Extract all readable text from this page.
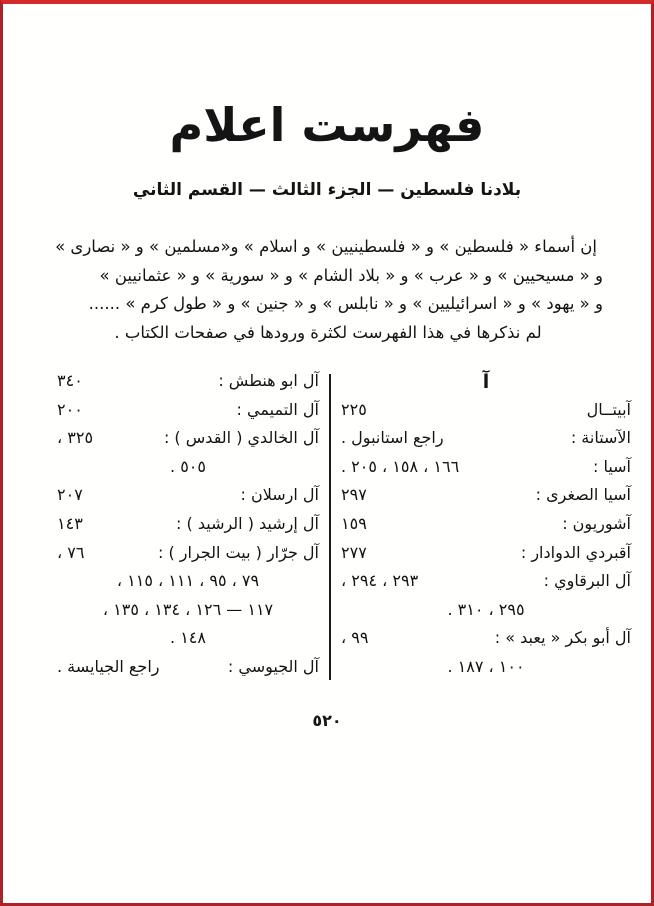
فهرست اعلام
بلادنا فلسطين — الجزء الثالث — القسم الثاني
إن أسماء « فلسطين » و « فلسطينيين » و اسلام » و«مسلمين » و « نصارى »
و « مسيحيين » و « عرب » و « بلاد الشام » و « سورية » و « عثمانيين »
و « يهود » و « اسرائيليين » و « نابلس » و « جنين » و « طول كرم » ......
لم نذكرها في هذا الفهرست لكثرة ورودها في صفحات الكتاب .
آ
آبيتــال
٢٢٥
الآستانة :
راجع استانبول .
آسيا :
١٦٦ ، ١٥٨ ، ٢٠٥ .
آسيا الصغرى :
٢٩٧
آشوريون :
١٥٩
آقبردي الدوادار :
٢٧٧
آل البرقاوي :
٢٩٣ ، ٢٩٤ ،
٢٩٥ ، ٣١٠ .
آل أبو بكر « يعبد » :
٩٩ ،
١٠٠ ، ١٨٧ .
آل ابو هنطش :
٣٤٠
آل التميمي :
٢٠٠
آل الخالدي ( القدس ) :
٣٢٥ ،
٥٠٥ .
آل ارسلان :
٢٠٧
آل إرشيد ( الرشيد ) :
١٤٣
آل جرّار ( بيت الجرار ) :
٧٦ ،
٧٩ ، ٩٥ ، ١١١ ، ١١٥ ،
١١٧ — ١٢٦ ، ١٣٤ ، ١٣٥ ،
١٤٨ .
آل الجيوسي :
راجع الجيايسة .
٥٢٠
